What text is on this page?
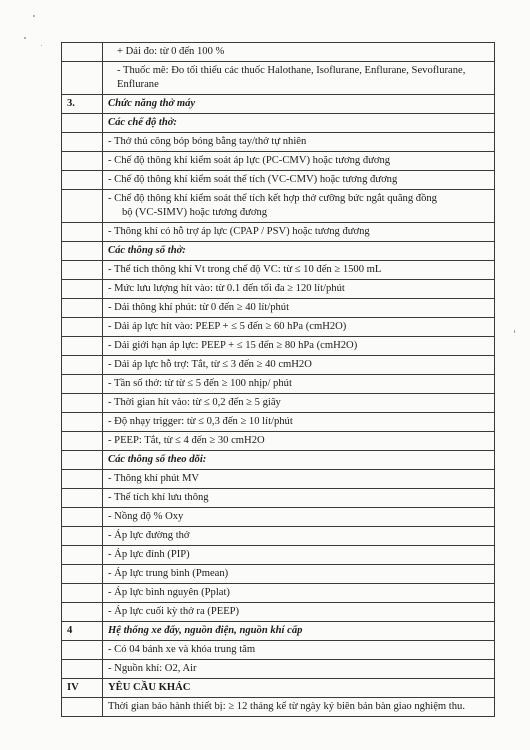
	+ Dải đo: từ 0 đến 100 %
	- Thuốc mê: Đo tối thiểu các thuốc Halothane, Isoflurane, Enflurane, Sevoflurane, Enflurane
3.	Chức năng thở máy
	Các chế độ thở:
	- Thở thủ công bóp bóng bằng tay/thở tự nhiên
	- Chế độ thông khí kiểm soát áp lực (PC-CMV) hoặc tương đương
	- Chế độ thông khí kiểm soát thể tích (VC-CMV) hoặc tương đương

	- Chế độ thông khí kiểm soát thể tích kết hợp thở cưỡng bức ngắt quãng đồng
bộ (VC-SIMV) hoặc tương đương

	- Thông khí có hỗ trợ áp lực (CPAP / PSV) hoặc tương đương
	Các thông số thở:
	- Thể tích thông khí Vt trong chế độ VC: từ ≤ 10 đến ≥ 1500 mL
	- Mức lưu lượng hít vào: từ 0.1 đến tối đa ≥ 120 lít/phút
	- Dải thông khí phút: từ 0 đến ≥ 40 lít/phút
	- Dải áp lực hít vào: PEEP + ≤ 5 đến ≥ 60 hPa (cmH2O)
	- Dải giới hạn áp lực: PEEP + ≤ 15 đến ≥ 80 hPa (cmH2O)
	- Dải áp lực hỗ trợ: Tắt, từ ≤ 3 đến ≥ 40 cmH2O
	- Tần số thở: từ từ ≤ 5 đến ≥ 100 nhịp/ phút
	- Thời gian hít vào: từ ≤ 0,2 đến ≥ 5 giây
	- Độ nhạy trigger: từ ≤ 0,3 đến ≥ 10 lít/phút
	- PEEP: Tắt, từ ≤ 4 đến ≥ 30 cmH2O
	Các thông số theo dõi:
	- Thông khí phút MV
	- Thể tích khí lưu thông
	- Nồng độ % Oxy
	- Áp lực đường thở
	- Áp lực đỉnh (PIP)
	- Áp lực trung bình (Pmean)
	- Áp lực bình nguyên (Pplat)
	- Áp lực cuối kỳ thở ra (PEEP)
4	Hệ thống xe đẩy, nguồn điện, nguồn khí cấp
	- Có 04 bánh xe và khóa trung tâm
	- Nguồn khí: O2, Air
IV	YÊU CẦU KHÁC
	Thời gian bảo hành thiết bị: ≥ 12 tháng kể từ ngày ký biên bản bàn giao nghiệm thu.
